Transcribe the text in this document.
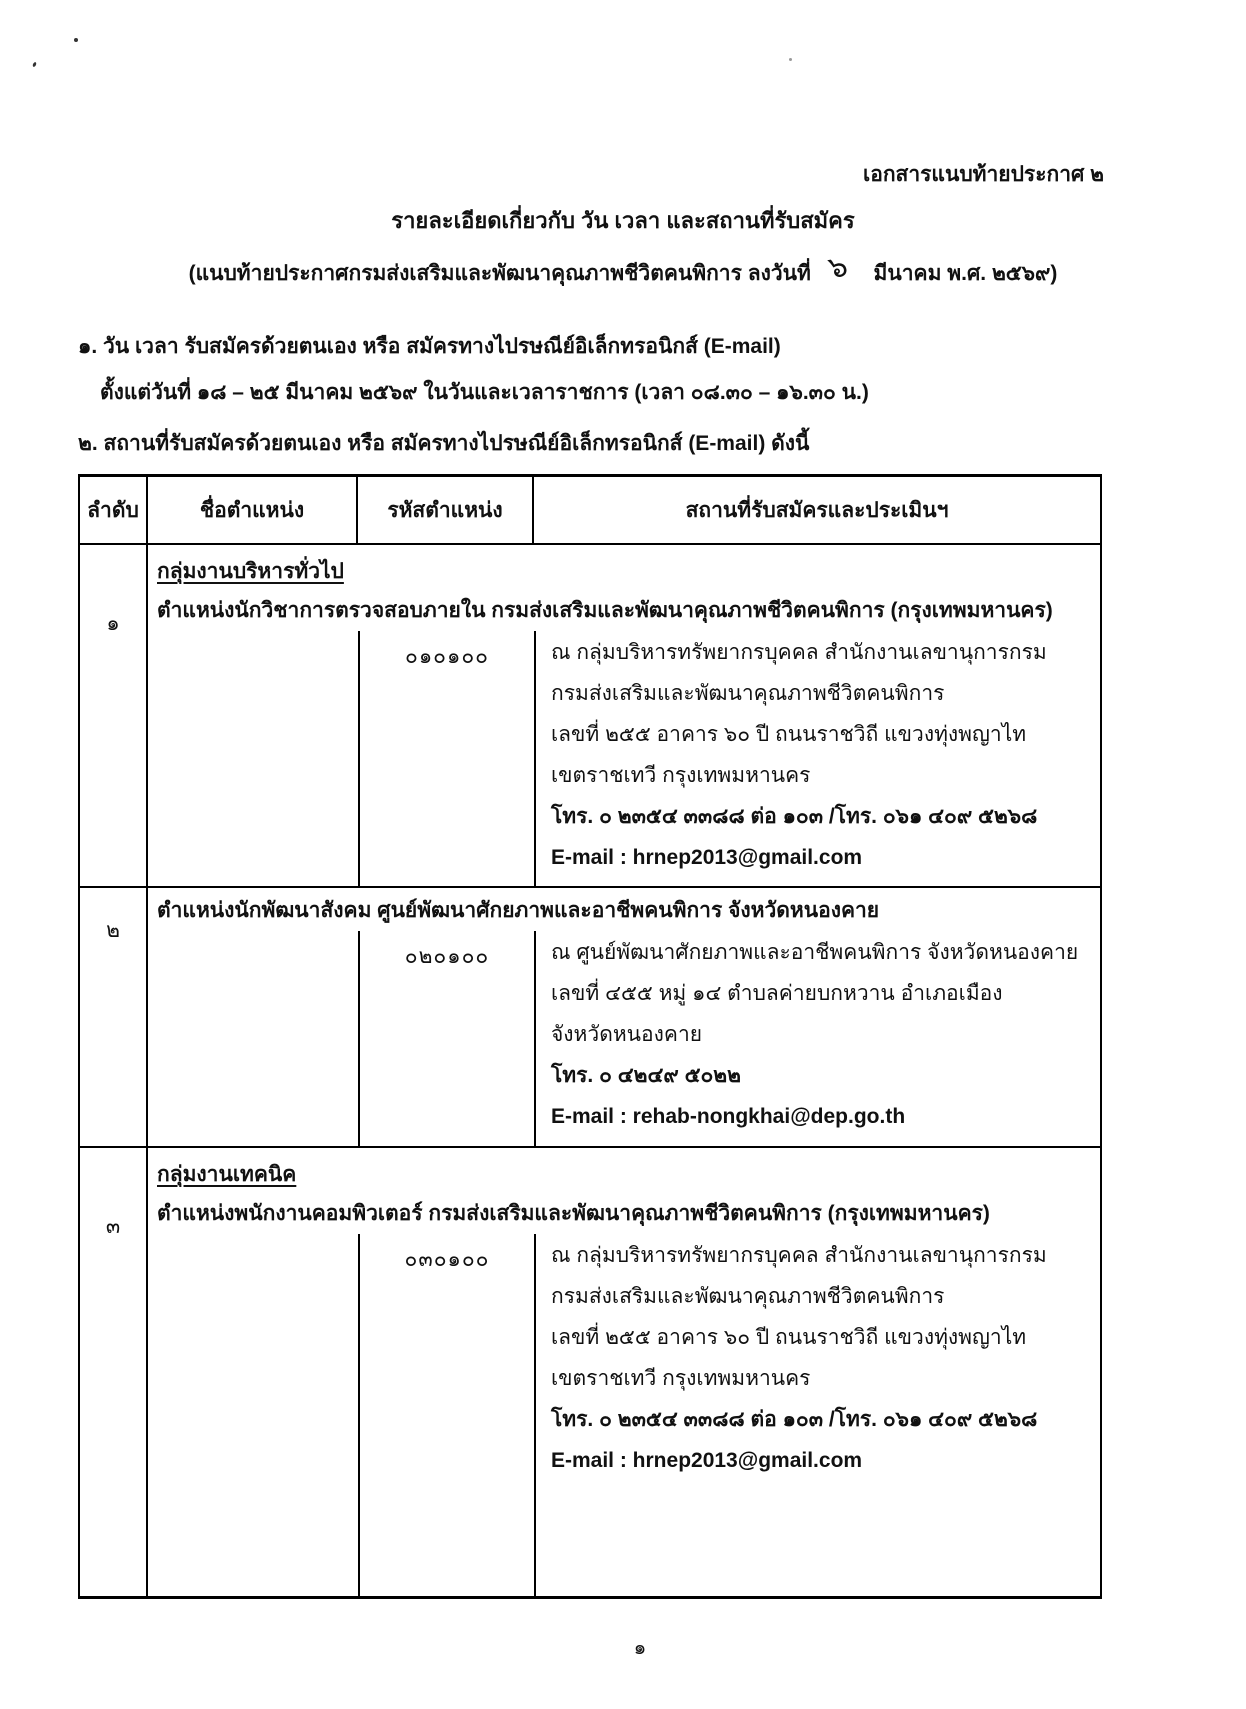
เอกสารแนบท้ายประกาศ ๒
รายละเอียดเกี่ยวกับ วัน เวลา และสถานที่รับสมัคร
(แนบท้ายประกาศกรมส่งเสริมและพัฒนาคุณภาพชีวิตคนพิการ ลงวันที่ ๖ มีนาคม พ.ศ. ๒๕๖๙)
๑. วัน เวลา รับสมัครด้วยตนเอง หรือ สมัครทางไปรษณีย์อิเล็กทรอนิกส์ (E-mail)
ตั้งแต่วันที่ ๑๘ – ๒๕ มีนาคม ๒๕๖๙ ในวันและเวลาราชการ (เวลา ๐๘.๓๐ – ๑๖.๓๐ น.)
๒. สถานที่รับสมัครด้วยตนเอง หรือ สมัครทางไปรษณีย์อิเล็กทรอนิกส์ (E-mail) ดังนี้
ลำดับ	ชื่อตำแหน่ง	รหัสตำแหน่ง	สถานที่รับสมัครและประเมินฯ
๑
กลุ่มงานบริหารทั่วไป
ตำแหน่งนักวิชาการตรวจสอบภายใน กรมส่งเสริมและพัฒนาคุณภาพชีวิตคนพิการ (กรุงเทพมหานคร)
๐๑๐๑๐๐	ณ กลุ่มบริหารทรัพยากรบุคคล สำนักงานเลขานุการกรม
กรมส่งเสริมและพัฒนาคุณภาพชีวิตคนพิการ
เลขที่ ๒๕๕ อาคาร ๖๐ ปี ถนนราชวิถี แขวงทุ่งพญาไท
เขตราชเทวี กรุงเทพมหานคร
โทร. ๐ ๒๓๕๔ ๓๓๘๘ ต่อ ๑๐๓ /โทร. ๐๖๑ ๔๐๙ ๕๒๖๘
E-mail : hrnep2013@gmail.com
๒
ตำแหน่งนักพัฒนาสังคม ศูนย์พัฒนาศักยภาพและอาชีพคนพิการ จังหวัดหนองคาย
๐๒๐๑๐๐	ณ ศูนย์พัฒนาศักยภาพและอาชีพคนพิการ จังหวัดหนองคาย
เลขที่ ๔๕๕ หมู่ ๑๔ ตำบลค่ายบกหวาน อำเภอเมือง
จังหวัดหนองคาย
โทร. ๐ ๔๒๔๙ ๕๐๒๒
E-mail : rehab-nongkhai@dep.go.th
๓
กลุ่มงานเทคนิค
ตำแหน่งพนักงานคอมพิวเตอร์ กรมส่งเสริมและพัฒนาคุณภาพชีวิตคนพิการ (กรุงเทพมหานคร)
๐๓๐๑๐๐	ณ กลุ่มบริหารทรัพยากรบุคคล สำนักงานเลขานุการกรม
กรมส่งเสริมและพัฒนาคุณภาพชีวิตคนพิการ
เลขที่ ๒๕๕ อาคาร ๖๐ ปี ถนนราชวิถี แขวงทุ่งพญาไท
เขตราชเทวี กรุงเทพมหานคร
โทร. ๐ ๒๓๕๔ ๓๓๘๘ ต่อ ๑๐๓ /โทร. ๐๖๑ ๔๐๙ ๕๒๖๘
E-mail : hrnep2013@gmail.com
๑
